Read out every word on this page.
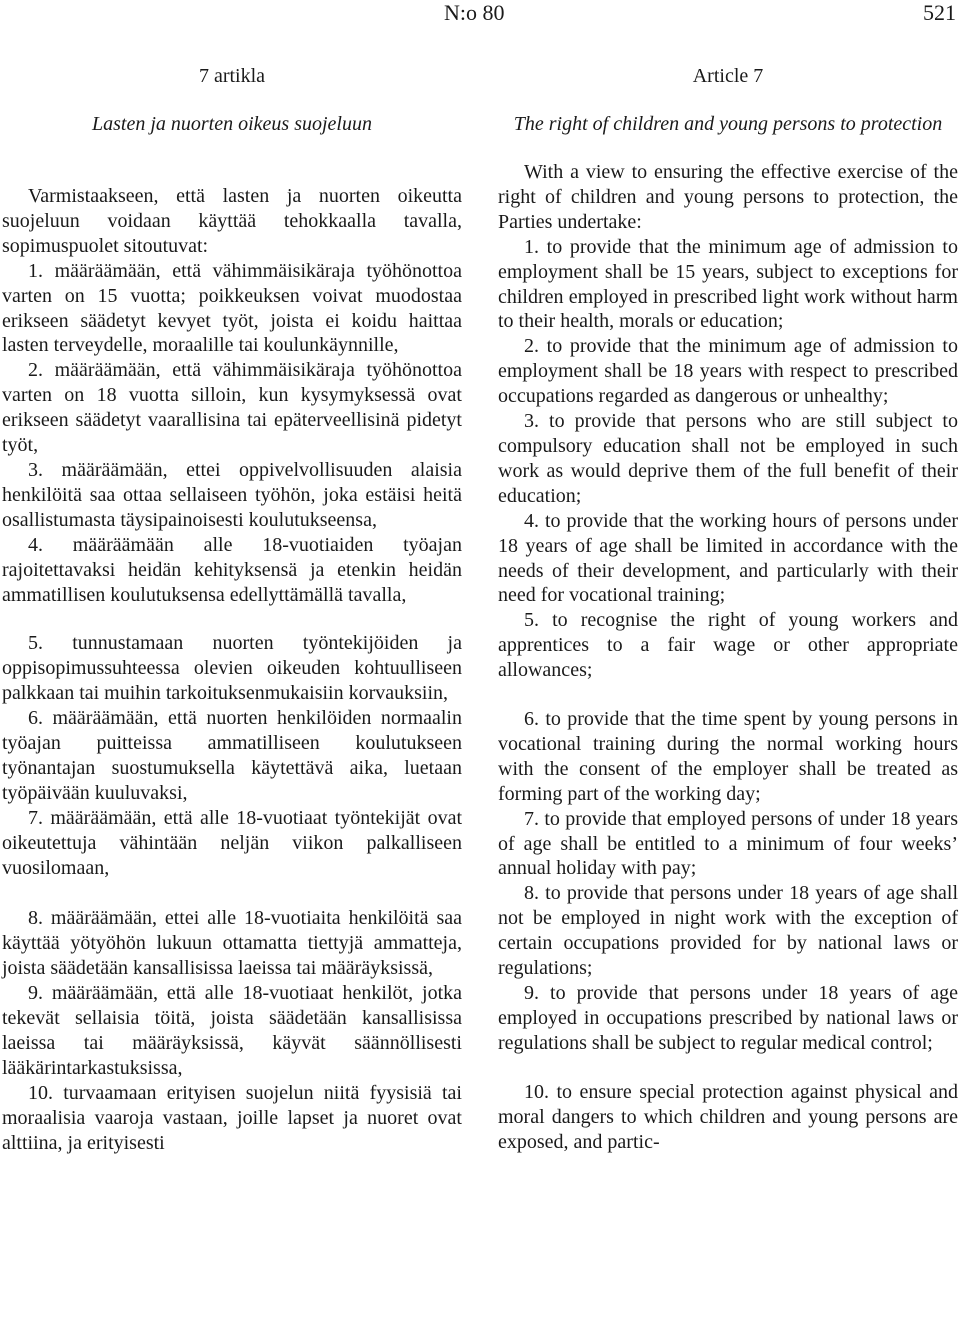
N:o 80	521

7 artikla

Lasten ja nuorten oikeus suojeluun

Varmistaakseen, että lasten ja nuorten oikeutta suojeluun voidaan käyttää tehokkaalla tavalla, sopimuspuolet sitoutuvat:

1. määräämään, että vähimmäisikäraja työhönottoa varten on 15 vuotta; poikkeuksen voivat muodostaa erikseen säädetyt kevyet työt, joista ei koidu haittaa lasten terveydelle, moraalille tai koulunkäynnille,

2. määräämään, että vähimmäisikäraja työhönottoa varten on 18 vuotta silloin, kun kysymyksessä ovat erikseen säädetyt vaarallisina tai epäterveellisinä pidetyt työt,

3. määräämään, ettei oppivelvollisuuden alaisia henkilöitä saa ottaa sellaiseen työhön, joka estäisi heitä osallistumasta täysipainoisesti koulutukseensa,

4. määräämään alle 18-vuotiaiden työajan rajoitettavaksi heidän kehityksensä ja etenkin heidän ammatillisen koulutuksensa edellyttämällä tavalla,

5. tunnustamaan nuorten työntekijöiden ja oppisopimussuhteessa olevien oikeuden kohtuulliseen palkkaan tai muihin tarkoituksenmukaisiin korvauksiin,

6. määräämään, että nuorten henkilöiden normaalin työajan puitteissa ammatilliseen koulutukseen työnantajan suostumuksella käytettävä aika, luetaan työpäivään kuuluvaksi,

7. määräämään, että alle 18-vuotiaat työntekijät ovat oikeutettuja vähintään neljän viikon palkalliseen vuosilomaan,

8. määräämään, ettei alle 18-vuotiaita henkilöitä saa käyttää yötyöhön lukuun ottamatta tiettyjä ammatteja, joista säädetään kansallisissa laeissa tai määräyksissä,

9. määräämään, että alle 18-vuotiaat henkilöt, jotka tekevät sellaisia töitä, joista säädetään kansallisissa laeissa tai määräyksissä, käyvät säännöllisesti lääkärintarkastuksissa,

10. turvaamaan erityisen suojelun niitä fyysisiä tai moraalisia vaaroja vastaan, joille lapset ja nuoret ovat alttiina, ja erityisesti

Article 7

The right of children and young persons to protection

With a view to ensuring the effective exercise of the right of children and young persons to protection, the Parties undertake:

1. to provide that the minimum age of admission to employment shall be 15 years, subject to exceptions for children employed in prescribed light work without harm to their health, morals or education;

2. to provide that the minimum age of admission to employment shall be 18 years with respect to prescribed occupations regarded as dangerous or unhealthy;

3. to provide that persons who are still subject to compulsory education shall not be employed in such work as would deprive them of the full benefit of their education;

4. to provide that the working hours of persons under 18 years of age shall be limited in accordance with the needs of their development, and particularly with their need for vocational training;

5. to recognise the right of young workers and apprentices to a fair wage or other appropriate allowances;

6. to provide that the time spent by young persons in vocational training during the normal working hours with the consent of the employer shall be treated as forming part of the working day;

7. to provide that employed persons of under 18 years of age shall be entitled to a minimum of four weeks’ annual holiday with pay;

8. to provide that persons under 18 years of age shall not be employed in night work with the exception of certain occupations provided for by national laws or regulations;

9. to provide that persons under 18 years of age employed in occupations prescribed by national laws or regulations shall be subject to regular medical control;

10. to ensure special protection against physical and moral dangers to which children and young persons are exposed, and partic-
